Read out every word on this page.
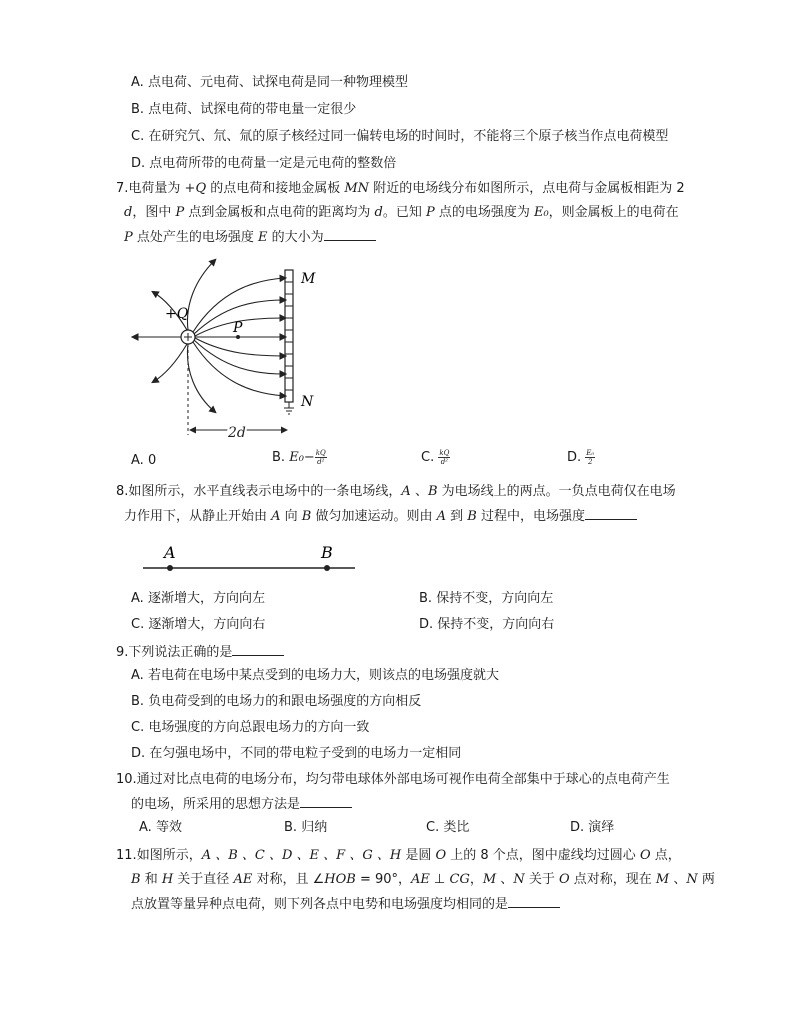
A. 点电荷、元电荷、试探电荷是同一种物理模型
B. 点电荷、试探电荷的带电量一定很少
C. 在研究氕、氘、氚的原子核经过同一偏转电场的时间时，不能将三个原子核当作点电荷模型
D. 点电荷所带的电荷量一定是元电荷的整数倍
7.电荷量为 +Q 的点电荷和接地金属板 MN 附近的电场线分布如图所示，点电荷与金属板相距为 2
d，图中 P 点到金属板和点电荷的距离均为 d。已知 P 点的电场强度为 E₀，则金属板上的电荷在
P 点处产生的电场强度 E 的大小为
M
N
P
+Q
2d
A. 0	B. $E_0- \frac{kQ}{\text{d²}}$	C. $\frac{kQ}{\text{d²}}$	D. $\frac{\text{E₀}}{2}$
8.如图所示，水平直线表示电场中的一条电场线，A 、B 为电场线上的两点。一负点电荷仅在电场
力作用下，从静止开始由 A 向 B 做匀加速运动。则由 A 到 B 过程中，电场强度
A	B
A. 逐渐增大，方向向左	B. 保持不变，方向向左
C. 逐渐增大，方向向右	D. 保持不变，方向向右
9.下列说法正确的是
A. 若电荷在电场中某点受到的电场力大，则该点的电场强度就大
B. 负电荷受到的电场力的和跟电场强度的方向相反
C. 电场强度的方向总跟电场力的方向一致
D. 在匀强电场中，不同的带电粒子受到的电场力一定相同
10.通过对比点电荷的电场分布，均匀带电球体外部电场可视作电荷全部集中于球心的点电荷产生
的电场，所采用的思想方法是
A. 等效	B. 归纳	C. 类比	D. 演绎
11.如图所示，A 、B 、C 、D 、E 、F 、G 、H 是圆 O 上的 8 个点，图中虚线均过圆心 O 点，
B 和 H 关于直径 AE 对称，且 ∠HOB = 90°，AE ⊥ CG，M 、N 关于 O 点对称，现在 M 、N 两
点放置等量异种点电荷，则下列各点中电势和电场强度均相同的是
